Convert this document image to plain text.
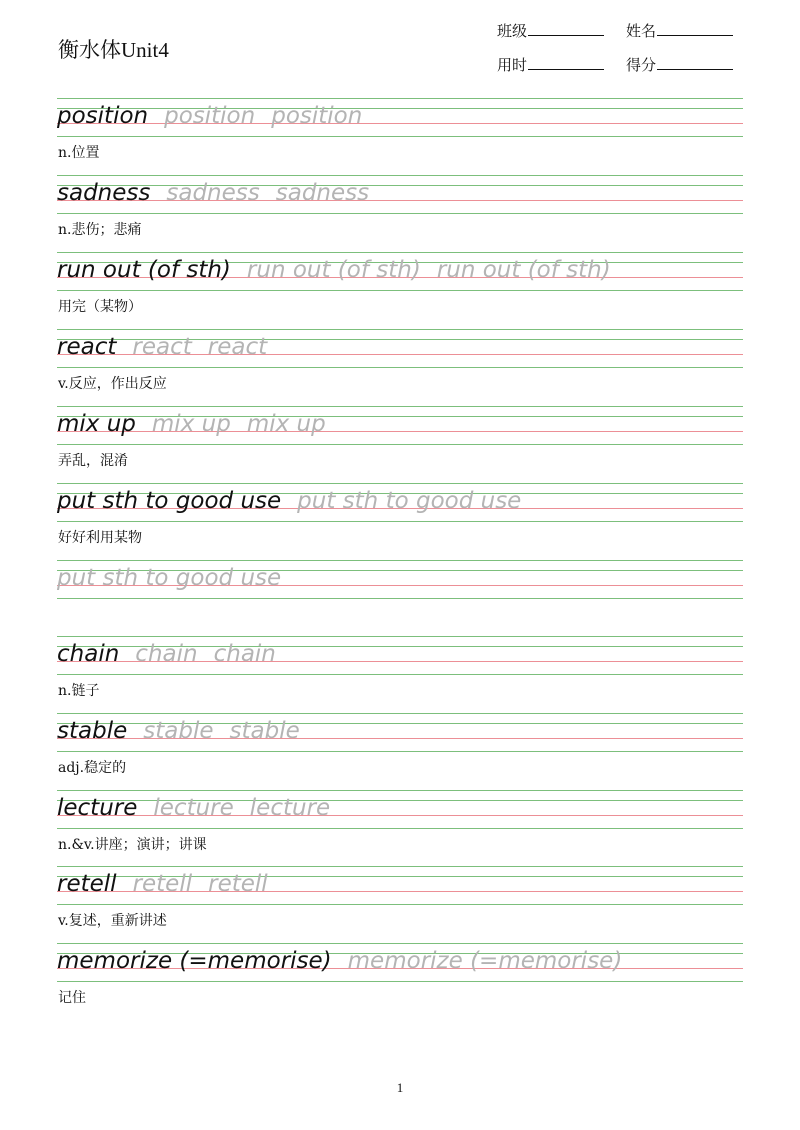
衡水体Unit4
班级	姓名
用时	得分
position position position
n.位置
sadness sadness sadness
n.悲伤；悲痛
run out (of sth) run out (of sth) run out (of sth)
用完（某物）
react react react
v.反应，作出反应
mix up mix up mix up
弄乱，混淆
put sth to good use put sth to good use
好好利用某物
put sth to good use
chain chain chain
n.链子
stable stable stable
adj.稳定的
lecture lecture lecture
n.&v.讲座；演讲；讲课
retell retell retell
v.复述，重新讲述
memorize (=memorise) memorize (=memorise)
记住
1
